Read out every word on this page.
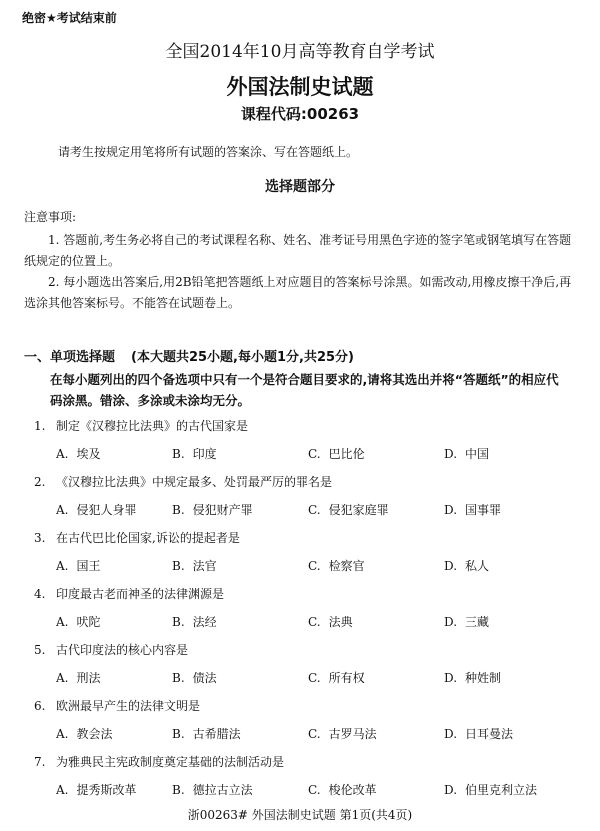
绝密★考试结束前
全国2014年10月高等教育自学考试
外国法制史试题
课程代码:00263
请考生按规定用笔将所有试题的答案涂、写在答题纸上。
选择题部分
注意事项:
1. 答题前,考生务必将自己的考试课程名称、姓名、准考证号用黑色字迹的签字笔或钢笔填写在答题纸规定的位置上。
2. 每小题选出答案后,用2B铅笔把答题纸上对应题目的答案标号涂黑。如需改动,用橡皮擦干净后,再选涂其他答案标号。不能答在试题卷上。
一、单项选择题 (本大题共25小题,每小题1分,共25分)
在每小题列出的四个备选项中只有一个是符合题目要求的,请将其选出并将“答题纸”的相应代码涂黑。错涂、多涂或未涂均无分。
1. 制定《汉穆拉比法典》的古代国家是
A. 埃及	B. 印度	C. 巴比伦	D. 中国
2. 《汉穆拉比法典》中规定最多、处罚最严厉的罪名是
A. 侵犯人身罪	B. 侵犯财产罪	C. 侵犯家庭罪	D. 国事罪
3. 在古代巴比伦国家,诉讼的提起者是
A. 国王	B. 法官	C. 检察官	D. 私人
4. 印度最古老而神圣的法律渊源是
A. 吠陀	B. 法经	C. 法典	D. 三藏
5. 古代印度法的核心内容是
A. 刑法	B. 债法	C. 所有权	D. 种姓制
6. 欧洲最早产生的法律文明是
A. 教会法	B. 古希腊法	C. 古罗马法	D. 日耳曼法
7. 为雅典民主宪政制度奠定基础的法制活动是
A. 提秀斯改革	B. 德拉古立法	C. 梭伦改革	D. 伯里克利立法
浙00263# 外国法制史试题 第1页(共4页)
